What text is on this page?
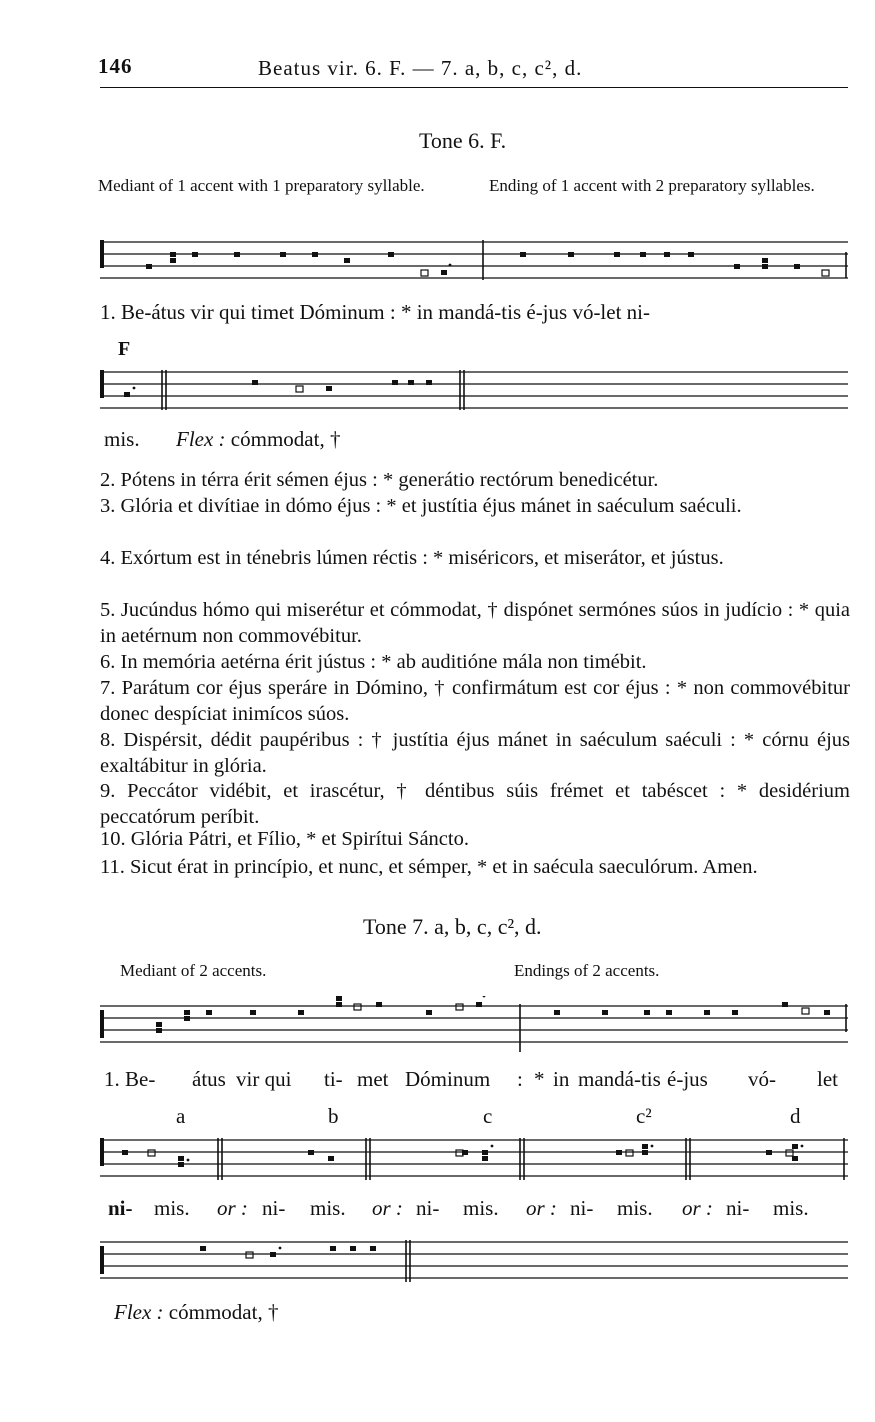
146	Beatus vir. 6. F. — 7. a, b, c, c², d.
Tone 6. F.
Mediant of 1 accent with 1 preparatory syllable.	Ending of 1 accent with 2 preparatory syllables.
1. Be-átus vir qui timet Dóminum : * in mandá-tis é-jus vó-let ni-
F
mis. Flex : cómmodat, †
2. Pótens in térra érit sémen éjus : * generátio rectórum benedicétur.
3. Glória et divítiae in dómo éjus : * et justítia éjus mánet in saéculum saéculi.
4. Exórtum est in ténebris lúmen réctis : * miséricors, et miserátor, et jústus.
5. Jucúndus hómo qui miserétur et cómmodat, † dispónet sermónes súos in judício : * quia in aetérnum non commovébitur.
6. In memória aetérna érit jústus : * ab auditióne mála non timébit.
7. Parátum cor éjus speráre in Dómino, † confirmátum est cor éjus : * non commovébitur donec despíciat inimícos súos.
8. Dispérsit, dédit paupéribus : † justítia éjus mánet in saéculum saéculi : * córnu éjus exaltábitur in glória.
9. Peccátor vidébit, et irascétur, † déntibus súis frémet et tabéscet : * desidérium peccatórum períbit.
10. Glória Pátri, et Fílio, * et Spirítui Sáncto.
11. Sicut érat in princípio, et nunc, et sémper, * et in saécula saeculórum. Amen.
Tone 7. a, b, c, c², d.
Mediant of 2 accents.	Endings of 2 accents.
1. Be- átus vir qui ti- met Dóminum : * in mandá-tis é-jus vó- let
a	b	c	c²	d
ni- mis. or : ni- mis. or : ni- mis. or : ni- mis. or : ni- mis.
Flex : cómmodat, †
